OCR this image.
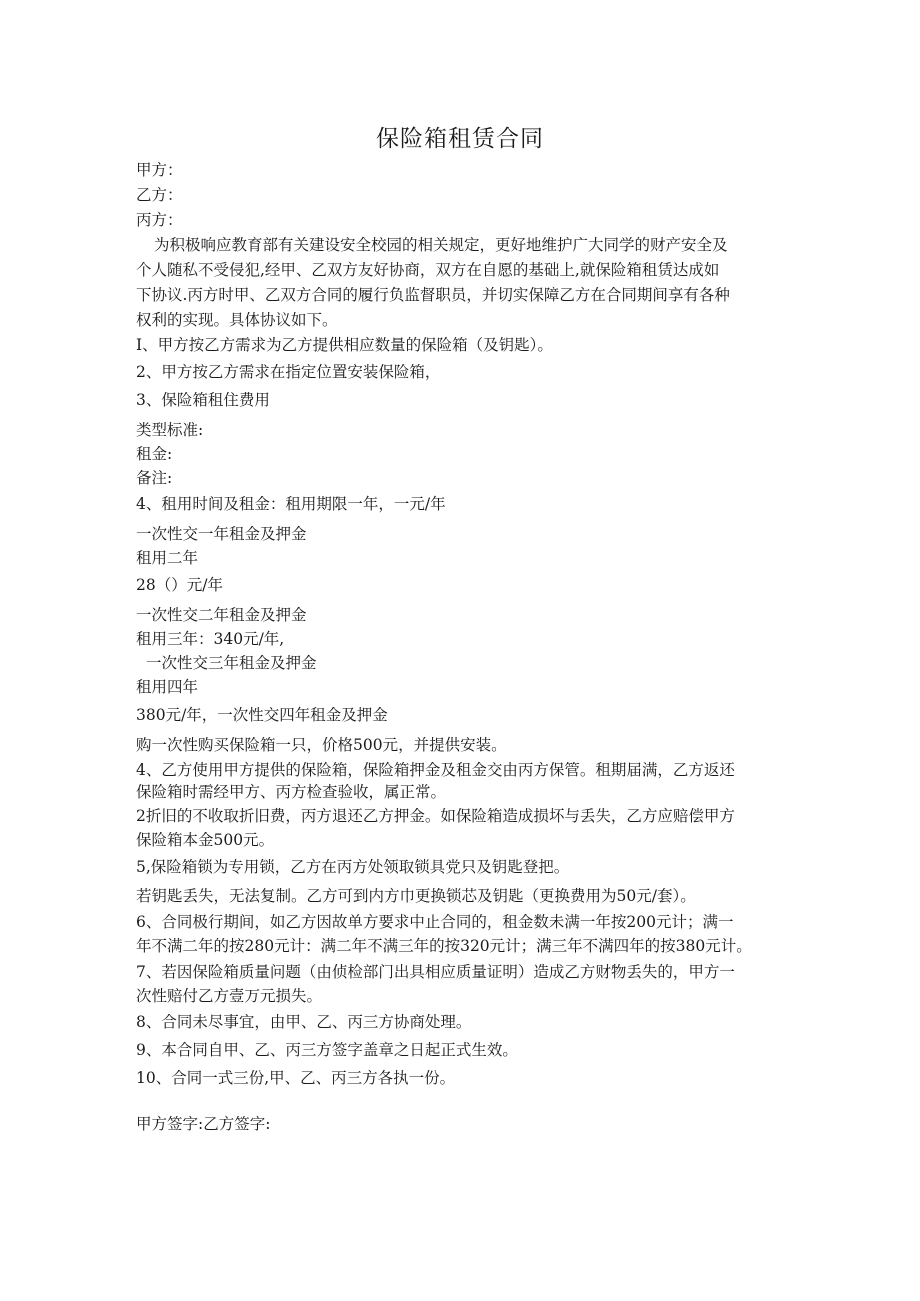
保险箱租赁合同
甲方：
乙方：
丙方：
为积极响应教育部有关建设安全校园的相关规定，更好地维护广大同学的财产安全及
个人随私不受侵犯,经甲、乙双方友好协商，双方在自愿的基础上,就保险箱租赁达成如
下协议.丙方时甲、乙双方合同的履行负监督职员，并切实保障乙方在合同期间享有各种
权利的实现。具体协议如下。
I、甲方按乙方需求为乙方提供相应数量的保险箱（及钥匙）。
2、甲方按乙方需求在指定位置安装保险箱，
3、保险箱租住费用
类型标准:
租金:
备注:
4、租用时间及租金：租用期限一年，一元/年
一次性交一年租金及押金
租用二年
28（）元/年
一次性交二年租金及押金
租用三年：340元/年,
一次性交三年租金及押金
租用四年
380元/年，一次性交四年租金及押金
购一次性购买保险箱一只，价格500元，并提供安装。
4、乙方使用甲方提供的保险箱，保险箱押金及租金交由丙方保管。租期届满，乙方返还
保险箱时需经甲方、丙方检查验收，属正常。
2折旧的不收取折旧费，丙方退还乙方押金。如保险箱造成损坏与丢失，乙方应赔偿甲方
保险箱本金500元。
5,保险箱锁为专用锁，乙方在丙方处领取锁具党只及钥匙登把。
若钥匙丢失，无法复制。乙方可到内方巾更换锁芯及钥匙（更换费用为50元/套）。
6、合同极行期间，如乙方因故单方要求中止合同的，租金数未满一年按200元计；满一
年不满二年的按280元计：满二年不满三年的按320元计；满三年不满四年的按380元计。
7、若因保险箱质量问题（由侦检部门出具相应质量证明）造成乙方财物丢失的，甲方一
次性赔付乙方壹万元损失。
8、合同未尽事宜，由甲、乙、丙三方协商处理。
9、本合同自甲、乙、丙三方签字盖章之日起正式生效。
10、合同一式三份,甲、乙、丙三方各执一份。
甲方签字:乙方签字:
